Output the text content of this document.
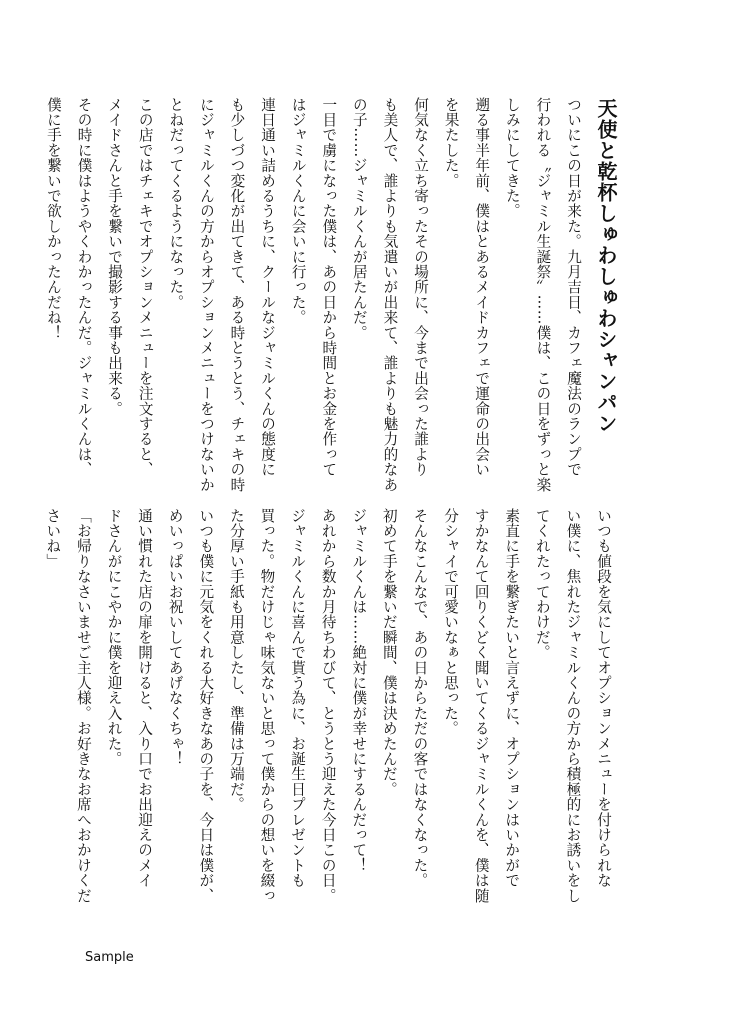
天使と乾杯しゅわしゅわシャンパン

ついにこの日が来た。九月吉日、カフェ魔法のランプで

行われる〝ジャミル生誕祭〟……僕は、この日をずっと楽

しみにしてきた。

遡る事半年前、僕はとあるメイドカフェで運命の出会い

を果たした。

何気なく立ち寄ったその場所に、今まで出会った誰より

も美人で、誰よりも気遣いが出来て、誰よりも魅力的なあ

の子……ジャミルくんが居たんだ。

一目で虜になった僕は、あの日から時間とお金を作って

はジャミルくんに会いに行った。

連日通い詰めるうちに、クールなジャミルくんの態度に

も少しづつ変化が出てきて、ある時とうとう、チェキの時

にジャミルくんの方からオプションメニューをつけないか

とねだってくるようになった。

この店ではチェキでオプションメニューを注文すると、

メイドさんと手を繋いで撮影する事も出来る。

その時に僕はようやくわかったんだ。ジャミルくんは、

僕に手を繋いで欲しかったんだね！

いつも値段を気にしてオプションメニューを付けられな

い僕に、焦れたジャミルくんの方から積極的にお誘いをし

てくれたってわけだ。

素直に手を繋ぎたいと言えずに、オプションはいかがで

すかなんて回りくどく聞いてくるジャミルくんを、僕は随

分シャイで可愛いなぁと思った。

そんなこんなで、あの日からただの客ではなくなった。

初めて手を繋いだ瞬間、僕は決めたんだ。

ジャミルくんは……絶対に僕が幸せにするんだって！

あれから数か月待ちわびて、とうとう迎えた今日この日。

ジャミルくんに喜んで貰う為に、お誕生日プレゼントも

買った。物だけじゃ味気ないと思って僕からの想いを綴っ

た分厚い手紙も用意したし、準備は万端だ。

いつも僕に元気をくれる大好きなあの子を、今日は僕が、

めいっぱいお祝いしてあげなくちゃ！

通い慣れた店の扉を開けると、入り口でお出迎えのメイ

ドさんがにこやかに僕を迎え入れた。

「お帰りなさいませご主人様。お好きなお席へおかけくだ

さいね」

Sample
